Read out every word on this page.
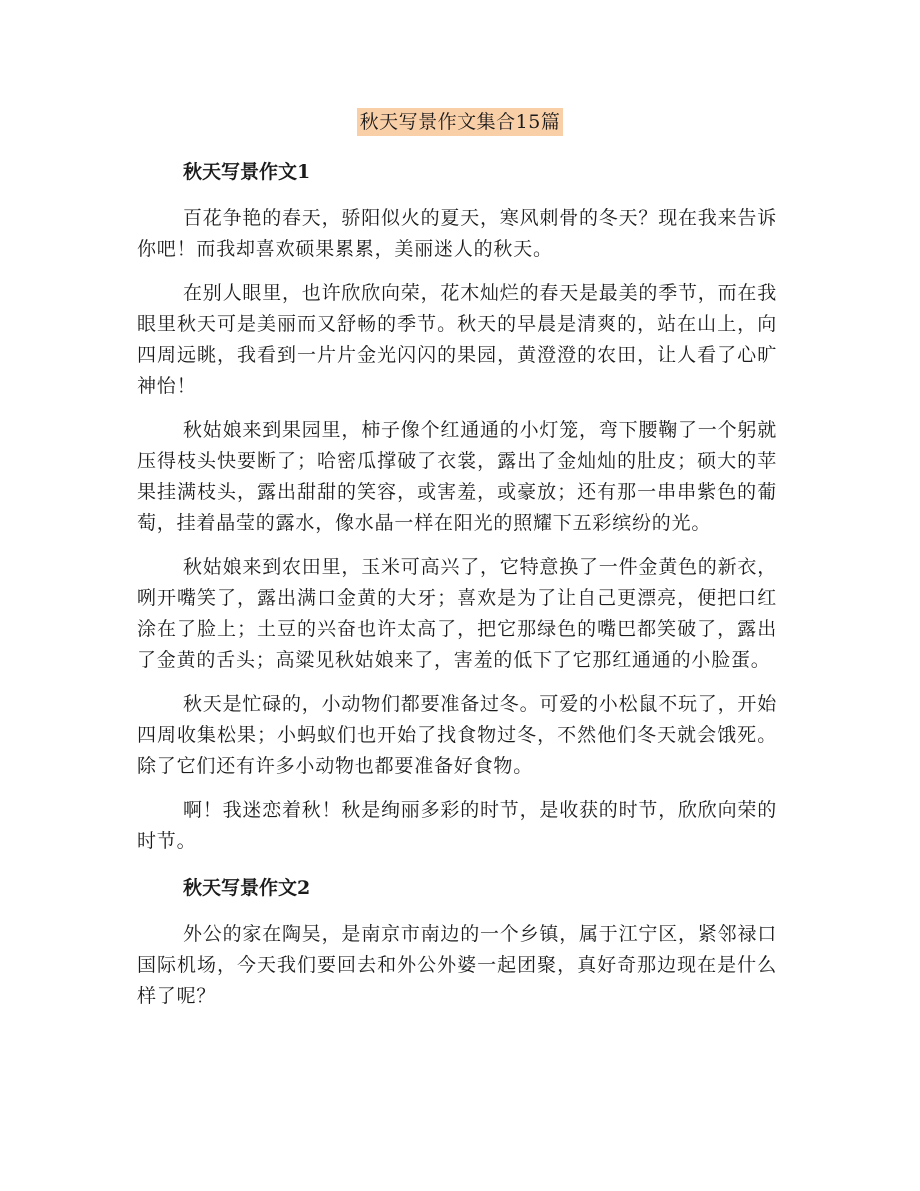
秋天写景作文集合15篇
秋天写景作文1

百花争艳的春天，骄阳似火的夏天，寒风刺骨的冬天？现在我来告诉你吧！而我却喜欢硕果累累，美丽迷人的秋天。

在别人眼里，也许欣欣向荣，花木灿烂的春天是最美的季节，而在我眼里秋天可是美丽而又舒畅的季节。秋天的早晨是清爽的，站在山上，向四周远眺，我看到一片片金光闪闪的果园，黄澄澄的农田，让人看了心旷神怡！

秋姑娘来到果园里，柿子像个红通通的小灯笼，弯下腰鞠了一个躬就压得枝头快要断了；哈密瓜撑破了衣裳，露出了金灿灿的肚皮；硕大的苹果挂满枝头，露出甜甜的笑容，或害羞，或豪放；还有那一串串紫色的葡萄，挂着晶莹的露水，像水晶一样在阳光的照耀下五彩缤纷的光。

秋姑娘来到农田里，玉米可高兴了，它特意换了一件金黄色的新衣，咧开嘴笑了，露出满口金黄的大牙；喜欢是为了让自己更漂亮，便把口红涂在了脸上；土豆的兴奋也许太高了，把它那绿色的嘴巴都笑破了，露出了金黄的舌头；高粱见秋姑娘来了，害羞的低下了它那红通通的小脸蛋。

秋天是忙碌的，小动物们都要准备过冬。可爱的小松鼠不玩了，开始四周收集松果；小蚂蚁们也开始了找食物过冬，不然他们冬天就会饿死。除了它们还有许多小动物也都要准备好食物。

啊！我迷恋着秋！秋是绚丽多彩的时节，是收获的时节，欣欣向荣的时节。

秋天写景作文2

外公的家在陶吴，是南京市南边的一个乡镇，属于江宁区，紧邻禄口国际机场，今天我们要回去和外公外婆一起团聚，真好奇那边现在是什么样了呢？
